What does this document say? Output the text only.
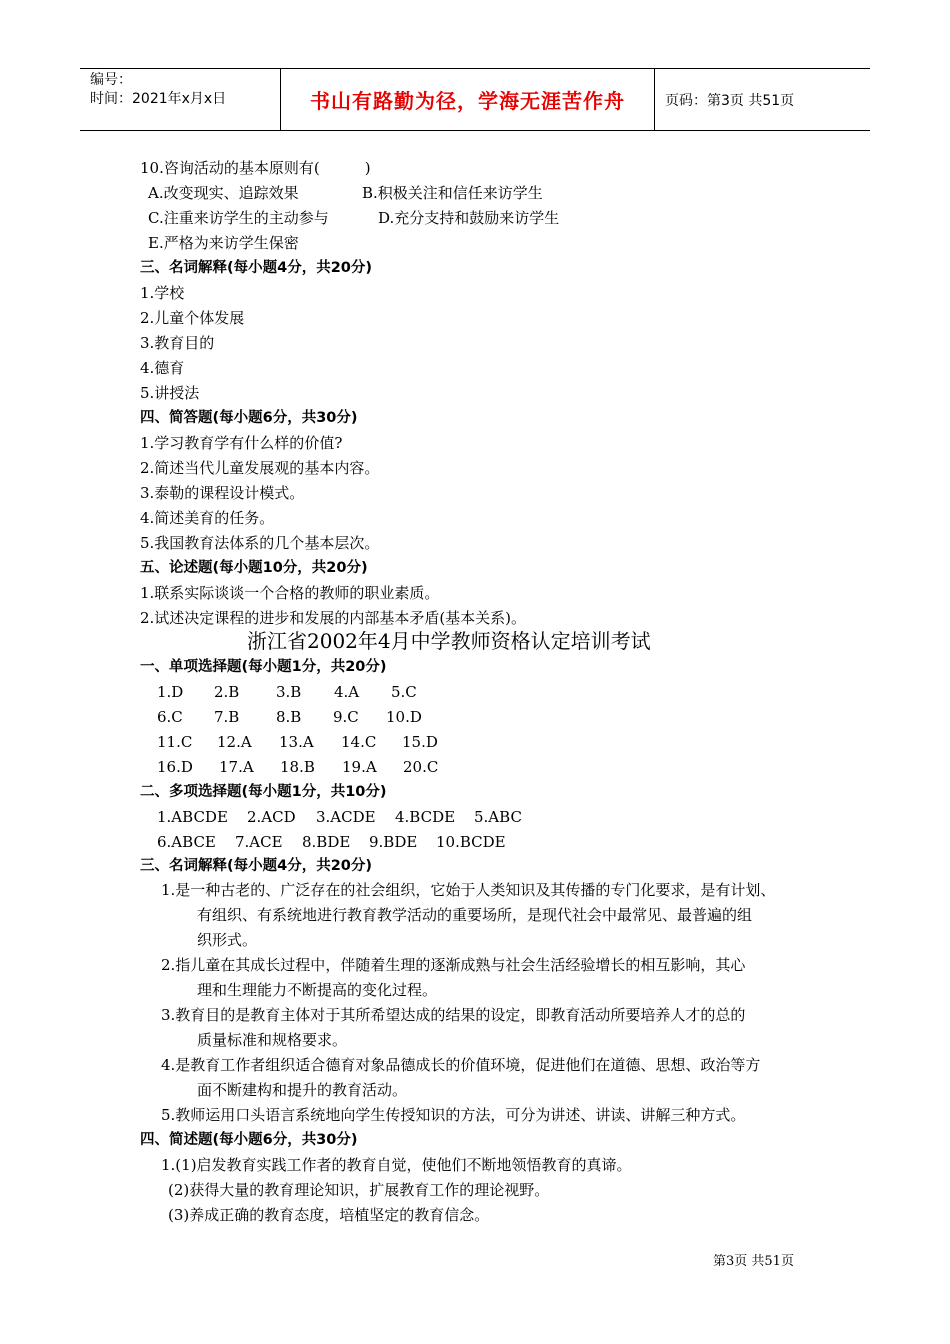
编号：
时间：2021年x月x日	书山有路勤为径，学海无涯苦作舟	页码：第3页 共51页
10.咨询活动的基本原则有(　　　)
A.改变现实、追踪效果	B.积极关注和信任来访学生
C.注重来访学生的主动参与	D.充分支持和鼓励来访学生
E.严格为来访学生保密
三、名词解释(每小题4分，共20分)
1.学校
2.儿童个体发展
3.教育目的
4.德育
5.讲授法
四、简答题(每小题6分，共30分)
1.学习教育学有什么样的价值?
2.简述当代儿童发展观的基本内容。
3.泰勒的课程设计模式。
4.简述美育的任务。
5.我国教育法体系的几个基本层次。
五、论述题(每小题10分，共20分)
1.联系实际谈谈一个合格的教师的职业素质。
2.试述决定课程的进步和发展的内部基本矛盾(基本关系)。
浙江省2002年4月中学教师资格认定培训考试
一、单项选择题(每小题1分，共20分)
1.D 2.B 3.B 4.A 5.C
6.C 7.B 8.B 9.C 10.D
11.C 12.A 13.A 14.C 15.D
16.D 17.A 18.B 19.A 20.C
二、多项选择题(每小题1分，共10分)
1.ABCDE 2.ACD 3.ACDE 4.BCDE 5.ABC
6.ABCE 7.ACE 8.BDE 9.BDE 10.BCDE
三、名词解释(每小题4分，共20分)
1.是一种古老的、广泛存在的社会组织，它始于人类知识及其传播的专门化要求，是有计划、
有组织、有系统地进行教育教学活动的重要场所，是现代社会中最常见、最普遍的组
织形式。
2.指儿童在其成长过程中，伴随着生理的逐渐成熟与社会生活经验增长的相互影响，其心
理和生理能力不断提高的变化过程。
3.教育目的是教育主体对于其所希望达成的结果的设定，即教育活动所要培养人才的总的
质量标准和规格要求。
4.是教育工作者组织适合德育对象品德成长的价值环境，促进他们在道德、思想、政治等方
面不断建构和提升的教育活动。
5.教师运用口头语言系统地向学生传授知识的方法，可分为讲述、讲读、讲解三种方式。
四、简述题(每小题6分，共30分)
1.(1)启发教育实践工作者的教育自觉，使他们不断地领悟教育的真谛。
(2)获得大量的教育理论知识，扩展教育工作的理论视野。
(3)养成正确的教育态度，培植坚定的教育信念。
第3页 共51页
